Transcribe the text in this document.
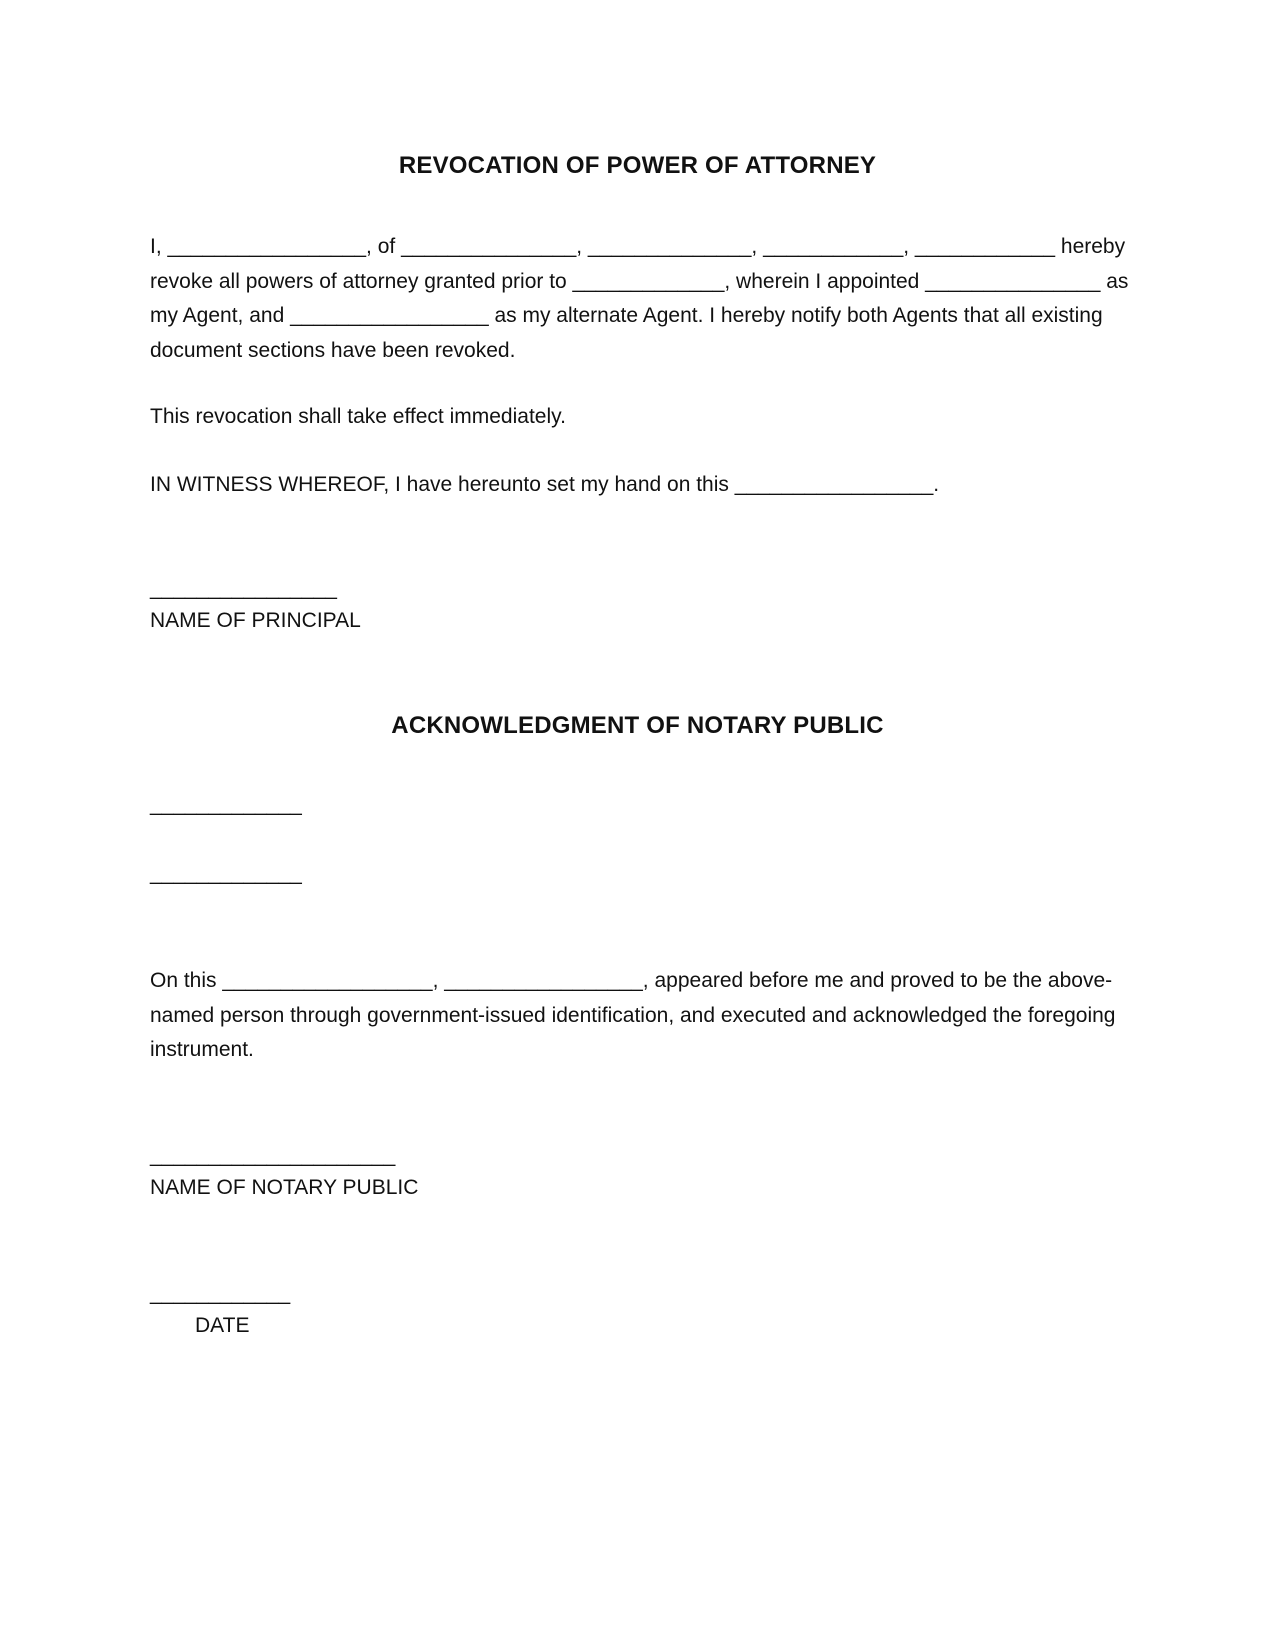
REVOCATION OF POWER OF ATTORNEY

I, _________________, of _______________, ______________, ____________, ____________ hereby revoke all powers of attorney granted prior to _____________, wherein I appointed _______________ as my Agent, and _________________ as my alternate Agent. I hereby notify both Agents that all existing document sections have been revoked.

This revocation shall take effect immediately.

IN WITNESS WHEREOF, I have hereunto set my hand on this _________________.

________________
NAME OF PRINCIPAL
ACKNOWLEDGMENT OF NOTARY PUBLIC
_____________
_____________

On this __________________, _________________, appeared before me and proved to be the above-named person through government-issued identification, and executed and acknowledged the foregoing instrument.

_____________________
NAME OF NOTARY PUBLIC
____________
DATE
